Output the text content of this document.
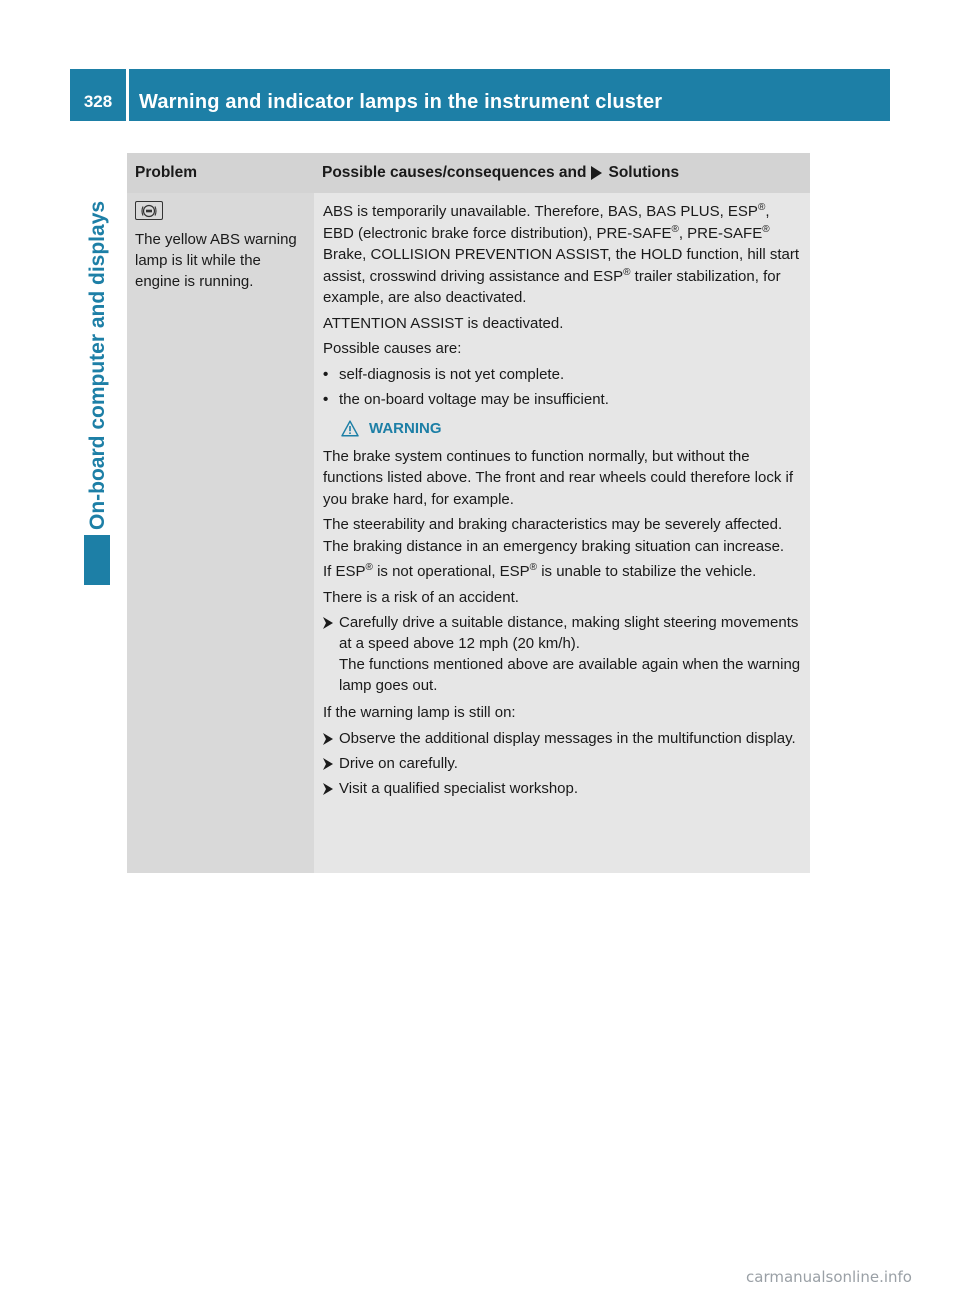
328	Warning and indicator lamps in the instrument cluster
On-board computer and displays
Problem	Possible causes/consequences and Solutions
The yellow ABS warning lamp is lit while the engine is running.

ABS is temporarily unavailable. Therefore, BAS, BAS PLUS, ESP®, EBD (electronic brake force distribution), PRE-SAFE®, PRE-SAFE® Brake, COLLISION PREVENTION ASSIST, the HOLD function, hill start assist, crosswind driving assistance and ESP® trailer stabilization, for example, are also deactivated.

ATTENTION ASSIST is deactivated.

Possible causes are:

• self-diagnosis is not yet complete.
• the on-board voltage may be insufficient.
WARNING

The brake system continues to function normally, but without the functions listed above. The front and rear wheels could therefore lock if you brake hard, for example.

The steerability and braking characteristics may be severely affected. The braking distance in an emergency braking situation can increase.

If ESP® is not operational, ESP® is unable to stabilize the vehicle.

There is a risk of an accident.

Carefully drive a suitable distance, making slight steering movements at a speed above 12 mph (20 km/h).
The functions mentioned above are available again when the warning lamp goes out.

If the warning lamp is still on:

Observe the additional display messages in the multifunction display.
Drive on carefully.
Visit a qualified specialist workshop.
carmanualsonline.info
